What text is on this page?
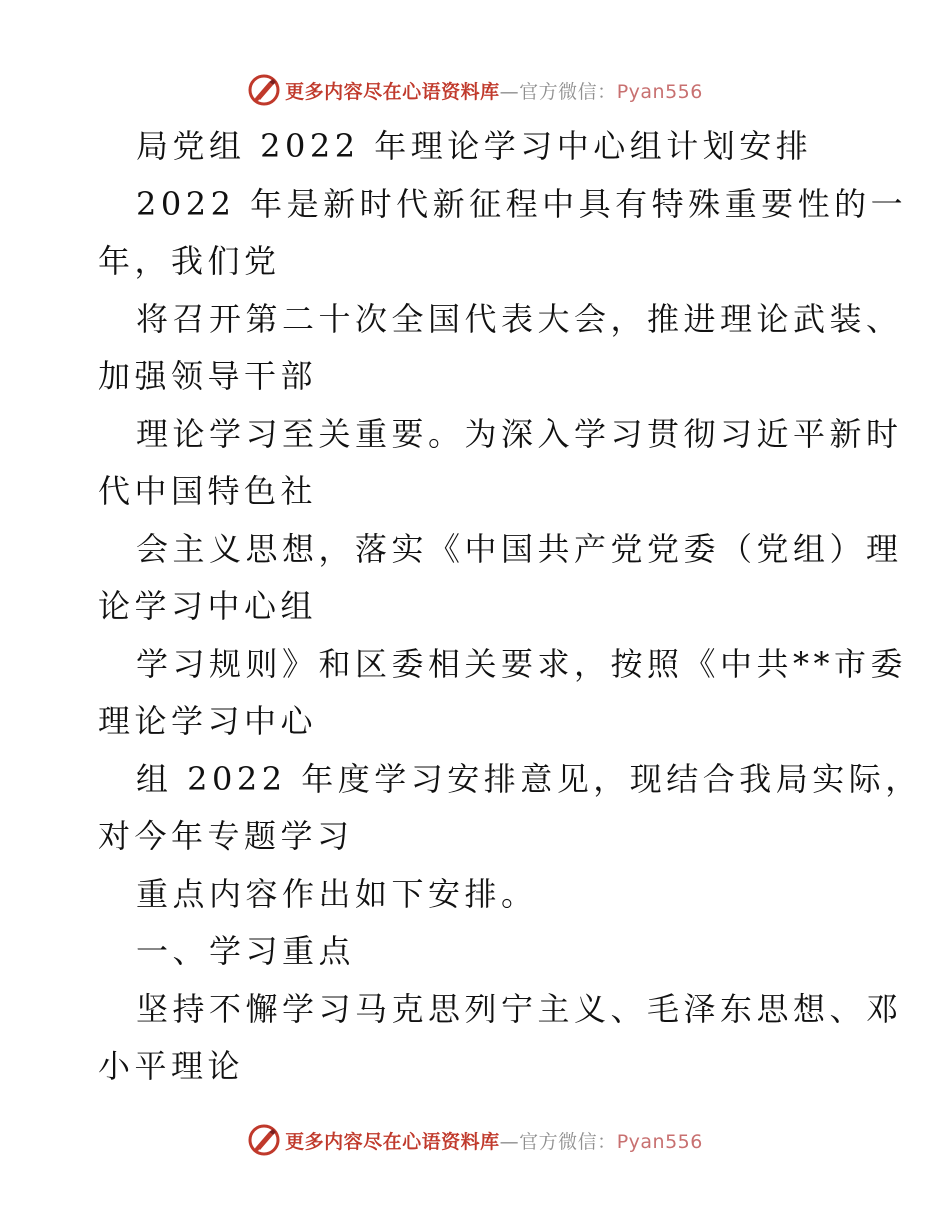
更多内容尽在心语资料库—官方微信：Pyan556
局党组 2022 年理论学习中心组计划安排
2022 年是新时代新征程中具有特殊重要性的一
年，我们党
将召开第二十次全国代表大会，推进理论武装、
加强领导干部
理论学习至关重要。为深入学习贯彻习近平新时
代中国特色社
会主义思想，落实《中国共产党党委（党组）理
论学习中心组
学习规则》和区委相关要求，按照《中共**市委
理论学习中心
组 2022 年度学习安排意见，现结合我局实际，
对今年专题学习
重点内容作出如下安排。
一、学习重点
坚持不懈学习马克思列宁主义、毛泽东思想、邓
小平理论
更多内容尽在心语资料库—官方微信：Pyan556
